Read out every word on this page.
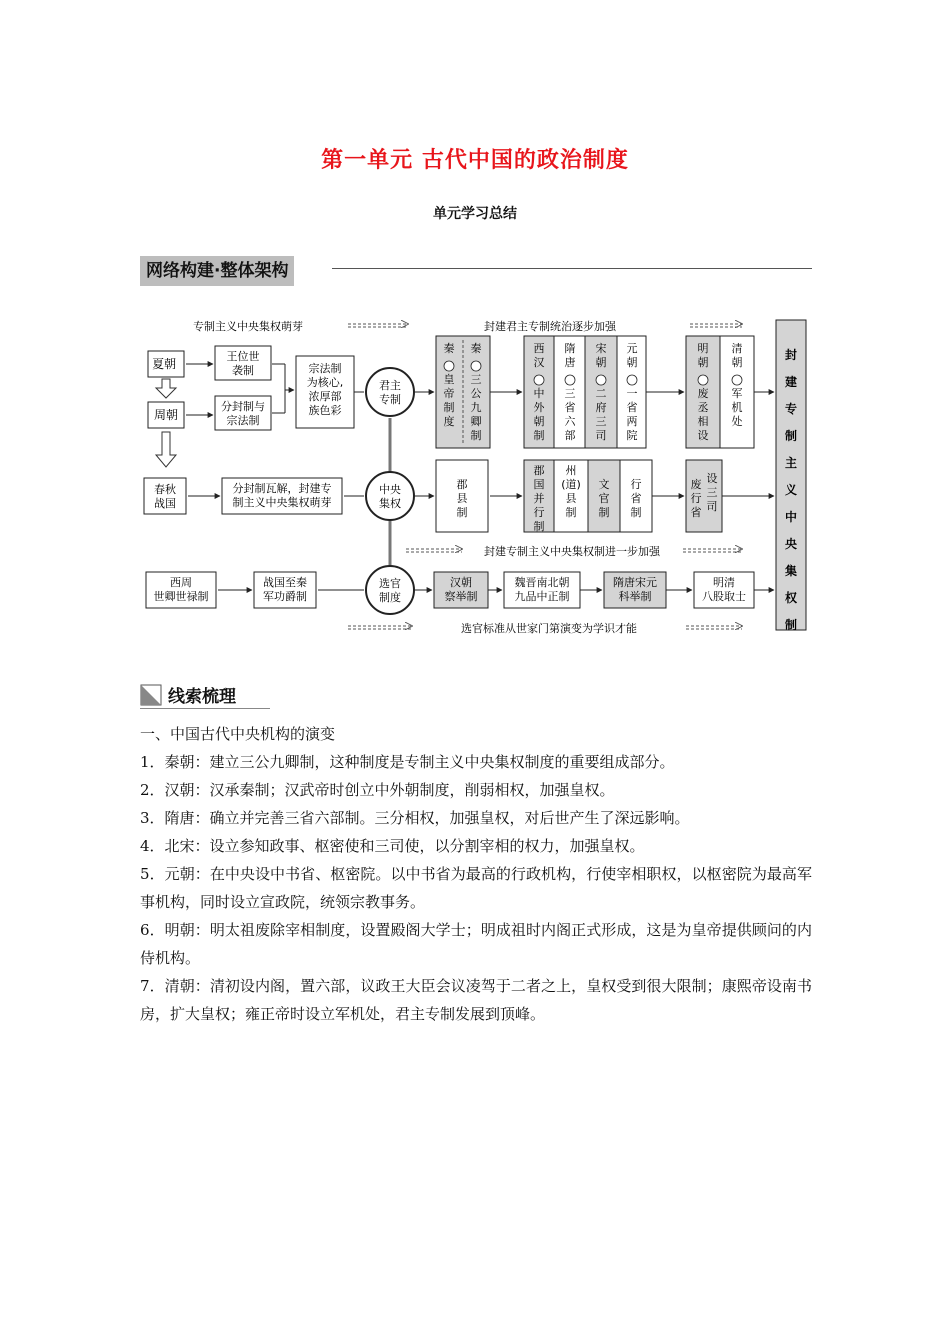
第一单元 古代中国的政治制度
单元学习总结
网络构建·整体架构
专制主义中央集权萌芽	封建君主专制统治逐步加强
封建专制主义中央集权制进一步加强
选官标准从世家门第演变为学识才能
夏朝 周朝
春秋
战国
王位世
袭制
分封制与
宗法制
宗法制
为核心,
浓厚部
族色彩
分封制瓦解，封建专
制主义中央集权萌芽
西周
世卿世禄制
战国至秦
军功爵制
君主
专制
中央
集权
选官
制度
秦
皇
帝
制
度
秦
三
公
九
卿
制
西
汉
中
外
朝
制
隋
唐
三
省
六
部
宋
朝
二
府
三
司
元
朝
一
省
两
院
明
朝
废
丞
相
设
清
朝
军
机
处
郡
县
制
郡
国
并
行
制
州
(道)
县
制
文
官
制
行
省
制
废
行
省
设
三
司
汉朝
察举制
魏晋南北朝
九品中正制
隋唐宋元
科举制
明清
八股取士
封
建
专
制
主
义
中
央
集
权
制
线索梳理

一、中国古代中央机构的演变

1．秦朝：建立三公九卿制，这种制度是专制主义中央集权制度的重要组成部分。

2．汉朝：汉承秦制；汉武帝时创立中外朝制度，削弱相权，加强皇权。

3．隋唐：确立并完善三省六部制。三分相权，加强皇权，对后世产生了深远影响。

4．北宋：设立参知政事、枢密使和三司使，以分割宰相的权力，加强皇权。

5．元朝：在中央设中书省、枢密院。以中书省为最高的行政机构，行使宰相职权，以枢密院为最高军事机构，同时设立宣政院，统领宗教事务。

6．明朝：明太祖废除宰相制度，设置殿阁大学士；明成祖时内阁正式形成，这是为皇帝提供顾问的内侍机构。

7．清朝：清初设内阁，置六部，议政王大臣会议凌驾于二者之上，皇权受到很大限制；康熙帝设南书房，扩大皇权；雍正帝时设立军机处，君主专制发展到顶峰。
